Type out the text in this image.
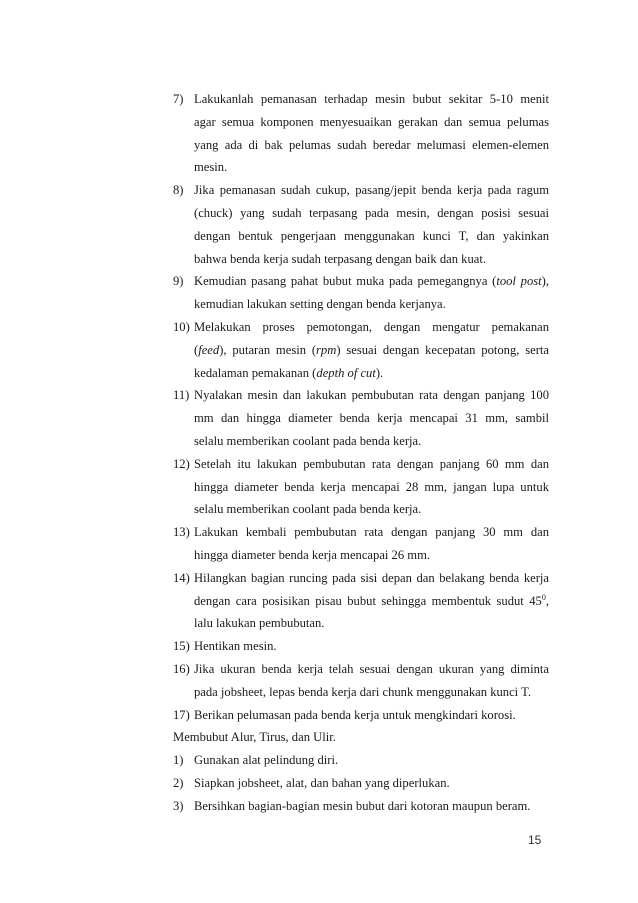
7) Lakukanlah pemanasan terhadap mesin bubut sekitar 5-10 menit
agar semua komponen menyesuaikan gerakan dan semua pelumas
yang ada di bak pelumas sudah beredar melumasi elemen-elemen
mesin.
8) Jika pemanasan sudah cukup, pasang/jepit benda kerja pada ragum
(chuck) yang sudah terpasang pada mesin, dengan posisi sesuai
dengan bentuk pengerjaan menggunakan kunci T, dan yakinkan
bahwa benda kerja sudah terpasang dengan baik dan kuat.
9) Kemudian pasang pahat bubut muka pada pemegangnya (tool post),
kemudian lakukan setting dengan benda kerjanya.
10) Melakukan proses pemotongan, dengan mengatur pemakanan
(feed), putaran mesin (rpm) sesuai dengan kecepatan potong, serta
kedalaman pemakanan (depth of cut).
11) Nyalakan mesin dan lakukan pembubutan rata dengan panjang 100
mm dan hingga diameter benda kerja mencapai 31 mm, sambil
selalu memberikan coolant pada benda kerja.
12) Setelah itu lakukan pembubutan rata dengan panjang 60 mm dan
hingga diameter benda kerja mencapai 28 mm, jangan lupa untuk
selalu memberikan coolant pada benda kerja.
13) Lakukan kembali pembubutan rata dengan panjang 30 mm dan
hingga diameter benda kerja mencapai 26 mm.
14) Hilangkan bagian runcing pada sisi depan dan belakang benda kerja
dengan cara posisikan pisau bubut sehingga membentuk sudut $45^0$,
lalu lakukan pembubutan.
15) Hentikan mesin.
16) Jika ukuran benda kerja telah sesuai dengan ukuran yang diminta
pada jobsheet, lepas benda kerja dari chunk menggunakan kunci T.
17) Berikan pelumasan pada benda kerja untuk mengkindari korosi.

Membubut Alur, Tirus, dan Ulir.

1) Gunakan alat pelindung diri.
2) Siapkan jobsheet, alat, dan bahan yang diperlukan.
3) Bersihkan bagian-bagian mesin bubut dari kotoran maupun beram.
15
